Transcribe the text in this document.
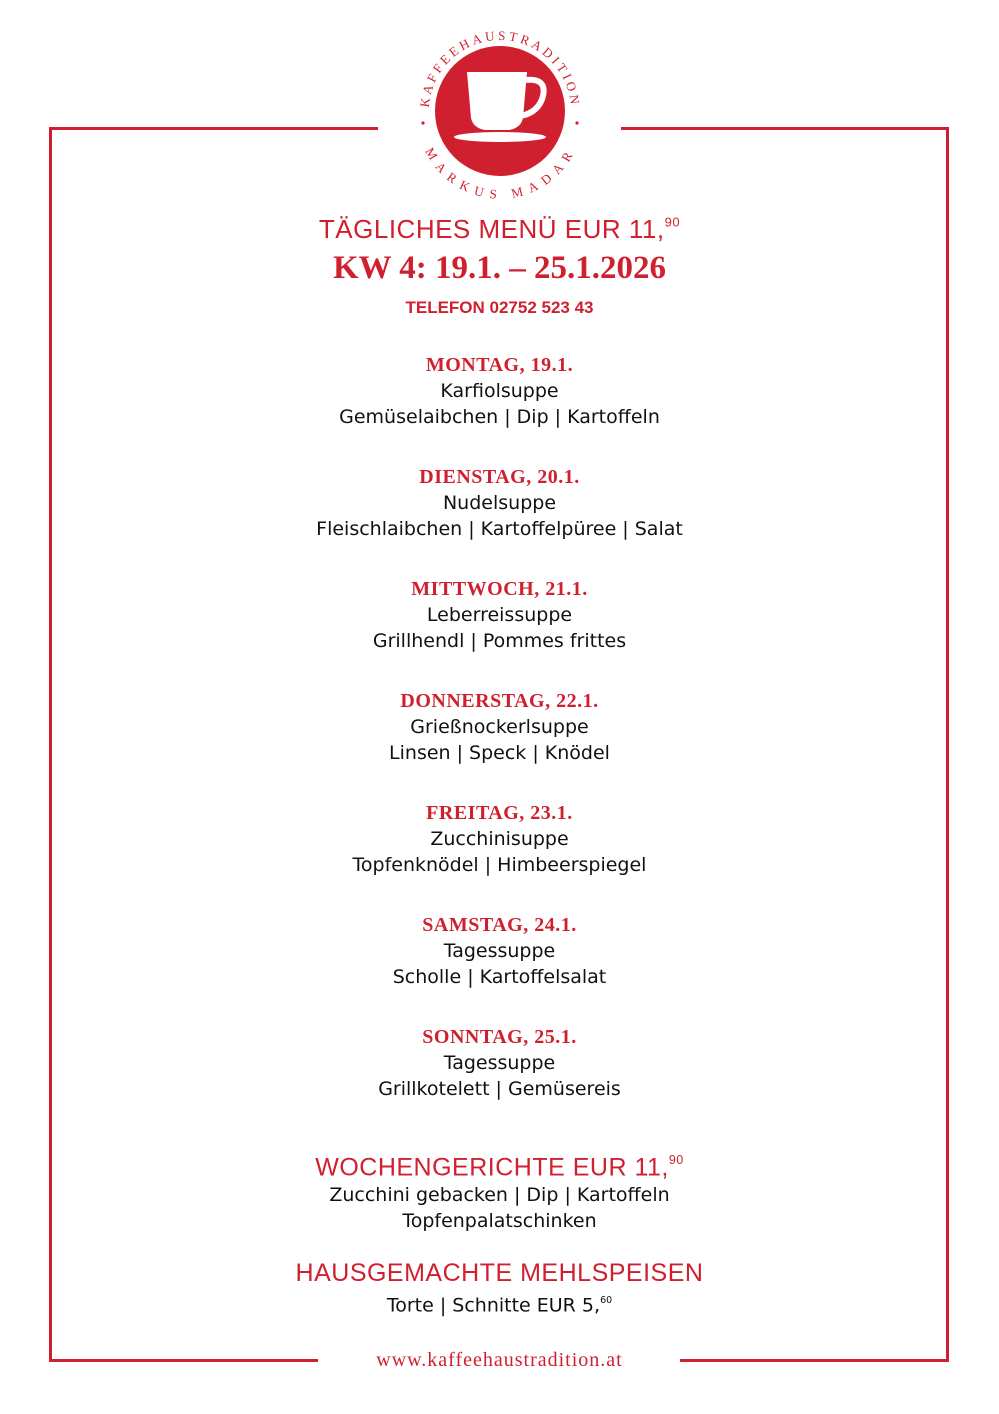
KAFFEEHAUSTRADITION
MARKUS MADAR
TÄGLICHES MENÜ EUR 11,90
KW 4: 19.1. – 25.1.2026
TELEFON 02752 523 43
MONTAG, 19.1.
Karfiolsuppe
Gemüselaibchen | Dip | Kartoffeln
DIENSTAG, 20.1.
Nudelsuppe
Fleischlaibchen | Kartoffelpüree | Salat
MITTWOCH, 21.1.
Leberreissuppe
Grillhendl | Pommes frittes
DONNERSTAG, 22.1.
Grießnockerlsuppe
Linsen | Speck | Knödel
FREITAG, 23.1.
Zucchinisuppe
Topfenknödel | Himbeerspiegel
SAMSTAG, 24.1.
Tagessuppe
Scholle | Kartoffelsalat
SONNTAG, 25.1.
Tagessuppe
Grillkotelett | Gemüsereis
WOCHENGERICHTE EUR 11,90
Zucchini gebacken | Dip | Kartoffeln
Topfenpalatschinken
HAUSGEMACHTE MEHLSPEISEN
Torte | Schnitte EUR 5,60
www.kaffeehaustradition.at
